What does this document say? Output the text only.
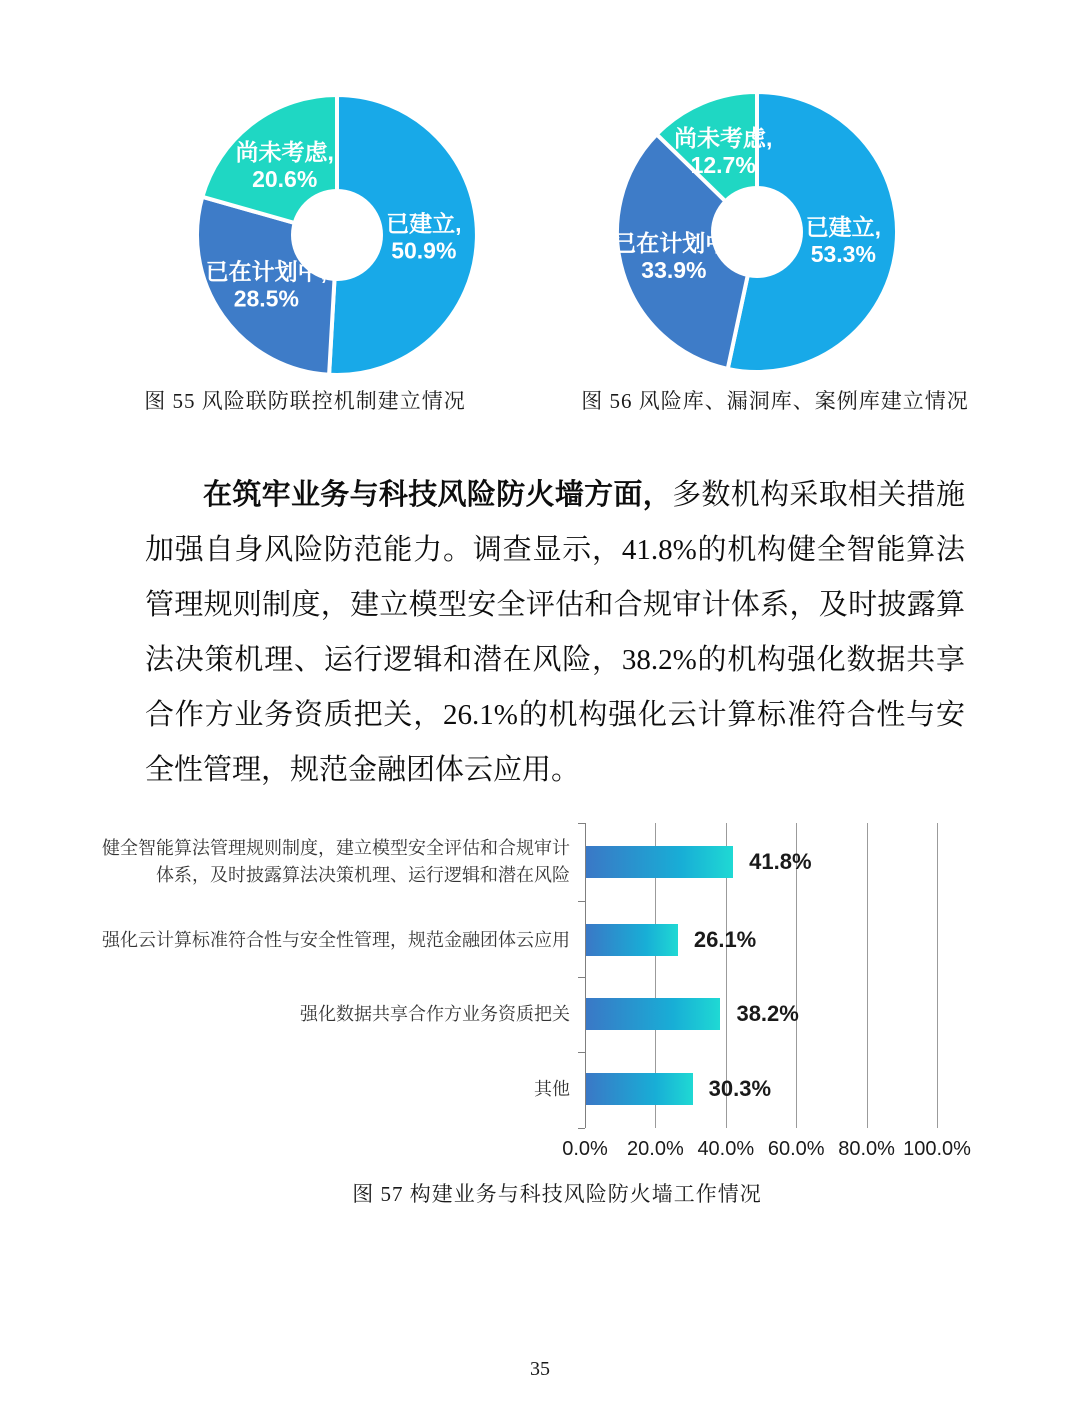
已建立, 50.9%
已在计划中, 28.5%
尚未考虑, 20.6%
已建立, 53.3%
已在计划中, 33.9%
尚未考虑, 12.7%
图 55 风险联防联控机制建立情况	图 56 风险库、漏洞库、案例库建立情况

在筑牢业务与科技风险防火墙方面，多数机构采取相关措施加强自身风险防范能力。调查显示，41.8%的机构健全智能算法管理规则制度，建立模型安全评估和合规审计体系，及时披露算法决策机理、运行逻辑和潜在风险，38.2%的机构强化数据共享合作方业务资质把关，26.1%的机构强化云计算标准符合性与安全性管理，规范金融团体云应用。

0.0% 20.0% 40.0% 60.0% 80.0% 100.0%
健全智能算法管理规则制度，建立模型安全评估和合规审计体系，及时披露算法决策机理、运行逻辑和潜在风险
41.8%
强化云计算标准符合性与安全性管理，规范金融团体云应用	26.1%
强化数据共享合作方业务资质把关	38.2%
其他	30.3%
图 57 构建业务与科技风险防火墙工作情况
35
